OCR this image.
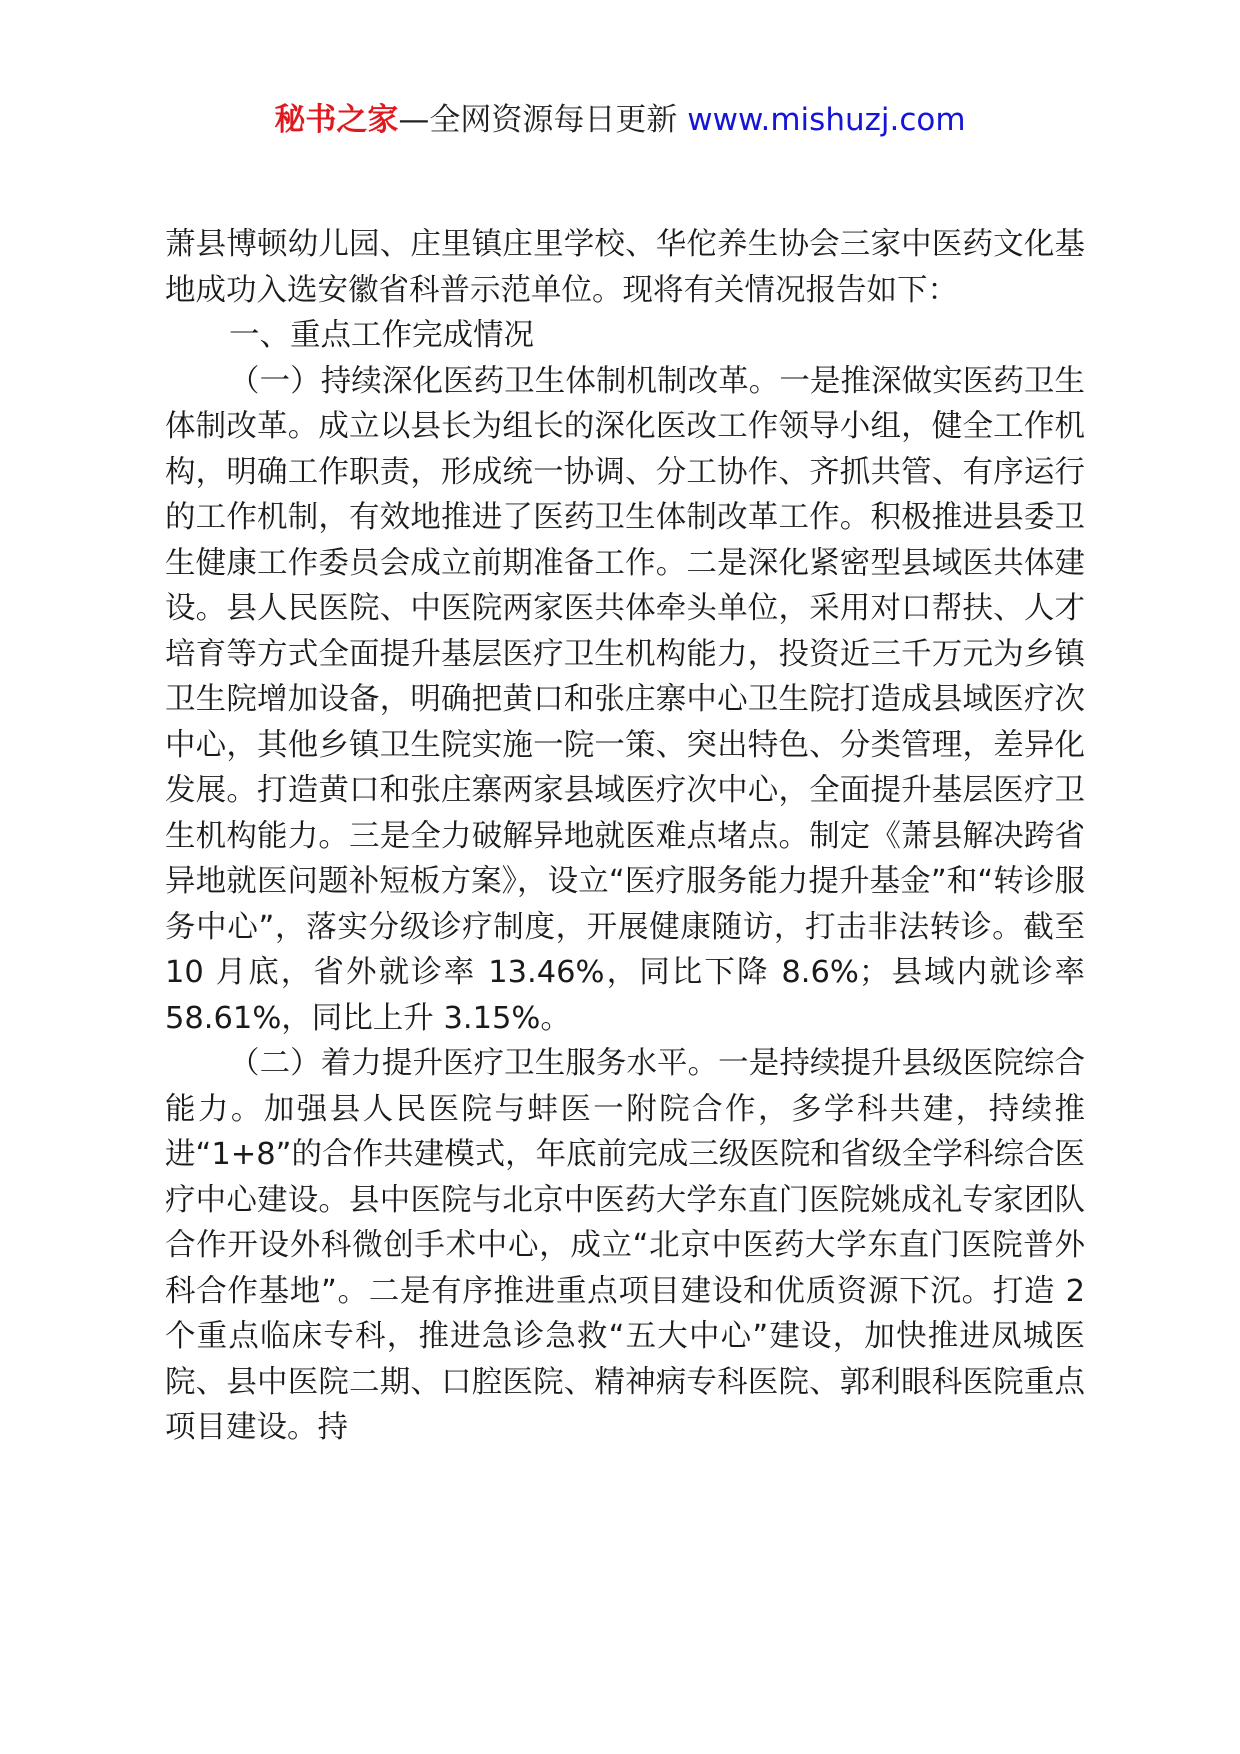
秘书之家—全网资源每日更新 www.mishuzj.com

萧县博顿幼儿园、庄里镇庄里学校、华佗养生协会三家中医药文化基地成功入选安徽省科普示范单位。现将有关情况报告如下：

一、重点工作完成情况

（一）持续深化医药卫生体制机制改革。一是推深做实医药卫生体制改革。成立以县长为组长的深化医改工作领导小组，健全工作机构，明确工作职责，形成统一协调、分工协作、齐抓共管、有序运行的工作机制，有效地推进了医药卫生体制改革工作。积极推进县委卫生健康工作委员会成立前期准备工作。二是深化紧密型县域医共体建设。县人民医院、中医院两家医共体牵头单位，采用对口帮扶、人才培育等方式全面提升基层医疗卫生机构能力，投资近三千万元为乡镇卫生院增加设备，明确把黄口和张庄寨中心卫生院打造成县域医疗次中心，其他乡镇卫生院实施一院一策、突出特色、分类管理，差异化发展。打造黄口和张庄寨两家县域医疗次中心，全面提升基层医疗卫生机构能力。三是全力破解异地就医难点堵点。制定《萧县解决跨省异地就医问题补短板方案》，设立“医疗服务能力提升基金”和“转诊服务中心”，落实分级诊疗制度，开展健康随访，打击非法转诊。截至 10 月底，省外就诊率 13.46%，同比下降 8.6%；县域内就诊率 58.61%，同比上升 3.15%。

（二）着力提升医疗卫生服务水平。一是持续提升县级医院综合能力。加强县人民医院与蚌医一附院合作，多学科共建，持续推进“1+8”的合作共建模式，年底前完成三级医院和省级全学科综合医疗中心建设。县中医院与北京中医药大学东直门医院姚成礼专家团队合作开设外科微创手术中心，成立“北京中医药大学东直门医院普外科合作基地”。二是有序推进重点项目建设和优质资源下沉。打造 2 个重点临床专科，推进急诊急救“五大中心”建设，加快推进凤城医院、县中医院二期、口腔医院、精神病专科医院、郭利眼科医院重点项目建设。持
